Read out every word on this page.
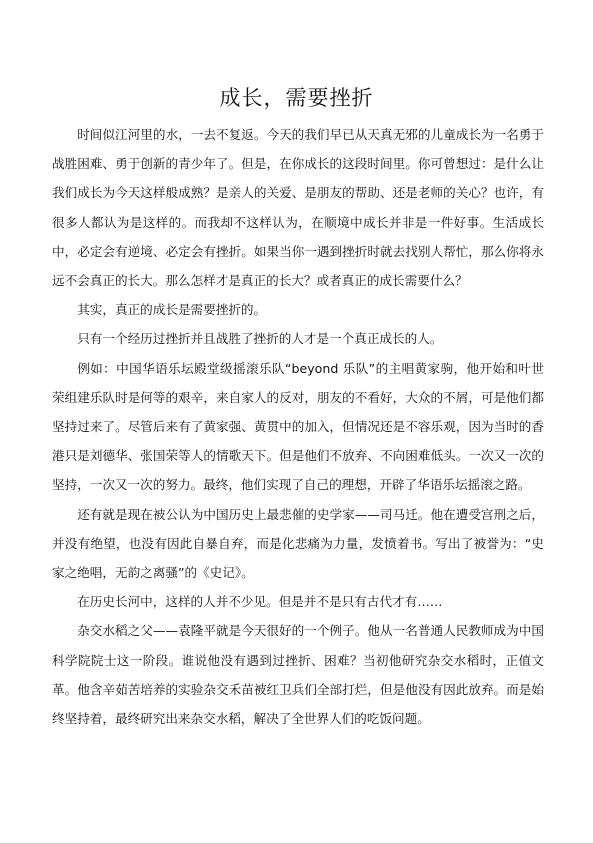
成长，需要挫折

时间似江河里的水，一去不复返。今天的我们早已从天真无邪的儿童成长为一名勇于战胜困难、勇于创新的青少年了。但是，在你成长的这段时间里。你可曾想过：是什么让我们成长为今天这样般成熟？是亲人的关爱、是朋友的帮助、还是老师的关心？也许，有很多人都认为是这样的。而我却不这样认为，在顺境中成长并非是一件好事。生活成长中，必定会有逆境、必定会有挫折。如果当你一遇到挫折时就去找别人帮忙，那么你将永远不会真正的长大。那么怎样才是真正的长大？或者真正的成长需要什么？

其实，真正的成长是需要挫折的。

只有一个经历过挫折并且战胜了挫折的人才是一个真正成长的人。

例如：中国华语乐坛殿堂级摇滚乐队“beyond 乐队”的主唱黄家驹，他开始和叶世荣组建乐队时是何等的艰辛，来自家人的反对，朋友的不看好，大众的不屑，可是他们都坚持过来了。尽管后来有了黄家强、黄贯中的加入，但情况还是不容乐观，因为当时的香港只是刘德华、张国荣等人的情歌天下。但是他们不放弃、不向困难低头。一次又一次的坚持，一次又一次的努力。最终，他们实现了自己的理想，开辟了华语乐坛摇滚之路。

还有就是现在被公认为中国历史上最悲催的史学家——司马迁。他在遭受宫刑之后，并没有绝望，也没有因此自暴自弃，而是化悲痛为力量，发愤着书。写出了被誉为：“史家之绝唱，无韵之离骚”的《史记》。

在历史长河中，这样的人并不少见。但是并不是只有古代才有……

杂交水稻之父——袁隆平就是今天很好的一个例子。他从一名普通人民教师成为中国科学院院士这一阶段。谁说他没有遇到过挫折、困难？当初他研究杂交水稻时，正值文革。他含辛茹苦培养的实验杂交禾苗被红卫兵们全部打烂，但是他没有因此放弃。而是始终坚持着，最终研究出来杂交水稻，解决了全世界人们的吃饭问题。
